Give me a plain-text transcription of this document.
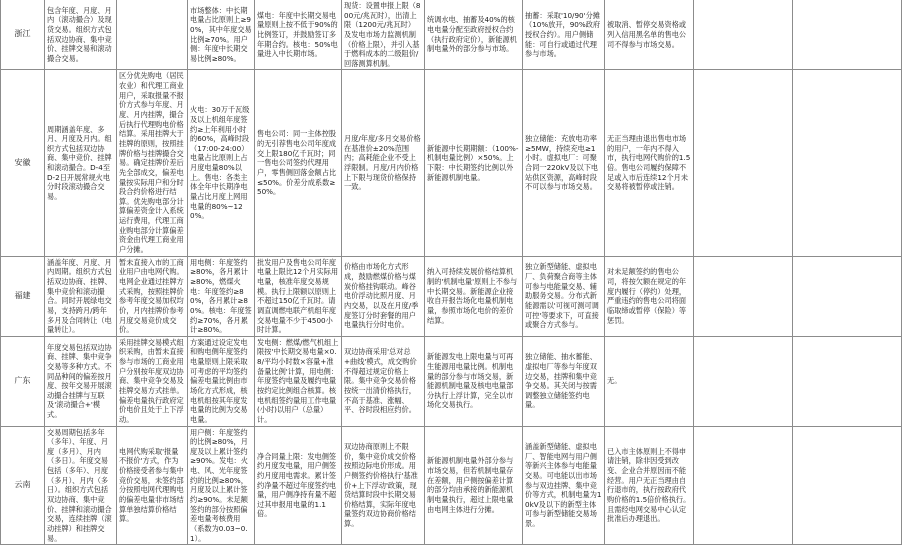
浙江	包含年度、月度、月内（滚动撮合）及现货交易。组织方式包括双边协商、集中竞价、挂牌交易和滚动撮合交易。		市场整体：中长期电量占比原则上≥90%，其中年度交易比例≥70%。用户侧：年度中长期交易比例≥80%。	煤电：年度中长期交易电量原则上按不低于90%的比例签订，并鼓励签订多年期合约。核电：50%电量进入中长期市场。	现货：设置申报上限（800元/兆瓦时），出清上限（1200元/兆瓦时）及发电市场力监测机制（价格上限），并引入基于燃料成本的二级阻价/回落测算机制。	统调水电、抽蓄及40%的核电电量分配至政府授权合约（执行政府定价），新能源机制电量外的部分参与市场。	抽蓄：采取'10/90'分摊（10%放开，90%政府授权合约）。用户侧储能：可自行或通过代理参与市场。	被取消、暂停交易资格或列入信用黑名单的售电公司不得参与市场交易。		
安徽	周期涵盖年度、多月、月度及月内。组织方式包括双边协商、集中竞价、挂牌和滚动撮合。D-4至D-2日开展常规火电分时段滚动撮合交易。	区分优先购电（居民农业）和代理工商业用户，采取报量不报价方式参与年度、月度、月内挂牌，撮合后执行代理购电价格结算。采用挂牌大于挂牌的原则，按照挂牌价格与挂牌撮合交易。确定挂牌价差后先全部成交，偏差电量按实际用户和分时段合约价格进行结算。优先购电部分计算偏差资金计入系统运行费用，代理工商业购电部分计算偏差资金由代理工商业用户分摊。	火电：30万千瓦级及以上机组年度签约≥上年利用小时的60%，高峰时段（17:00-24:00）电量占比原则上占月度电量80%以上。售电：各类主体全年中长期净电量占比月度上网用电量的80%~120%。	售电公司：同一主体控股的无引荐售电公司年度成交上限180亿千瓦时；同一售电公司签约代理用户，零售侧回落金额占比≤50%。价差分成系数≥50%。	月度/年度/多月交易价格在基准价±20%范围内；高耗能企业不受上浮限制。月度/月内价格上下限与现货价格保持一致。	新能源中长期期额：（100%-机制电量比例）×50%。上下限：中长期签约比例以外新能源机制电量。	独立储能：充放电功率≥5MW，持续充电≥1小时。虚拟电厂：可聚合同一220kV及以下电站供区资源，高峰时段不可以参与市场交易。	无正当理由退出售电市场的用户，一年内不得入市，执行电网代购价的1.5倍。售电公司履约保障不足或入市后连续12个月未交易将被暂停或注销。		
福建	涵盖年度、月度、月内周期。组织方式包括双边协商、挂牌、集中竞价和滚动撮合。同时开展绿电交易，支持跨月/跨年多月及合同转让（电量转让）。	暂未直接入市的工商业用户由电网代购。电网企业通过挂牌方式采购，按照挂牌价参考年度交易加权均价，月内挂牌价参考月度交易竞价成交价。	用电侧：年度签约≥80%，各月累计≥80%，燃煤火电：年度签约≥80%，各月累计≥80%。核电：年度签约≥70%，各月累计≥80%。	批发用户及售电公司年度电量上限比12个月实际用电量，核准年度交易规模。执行上限额以原则上不超过150亿千瓦时。请调直调燃电联产机组年度交易电量不少于4500小时计算。	价格由市场化方式形成，鼓励燃煤价格与煤炭价格挂钩联动。峰谷电价浮动比照月度、月内交易，以及在月度/季度签订分时套餐的用户电量执行分时电价。	纳入可持续发展价格结算机制的'机制电量'原则上不参与中长期交易。新能源企业接收自开报告场化电量机制电量，参照市场化电价的差价结算。	独立新型储能、虚拟电厂、负荷聚合商等主体可参与电能量交易、辅助服务交易。分布式新能源需以'可视可测可调可控'等要求下，可直接或聚合方式参与。	对未足额签约的售电公司，将按欠额在规定的年度内履行（停约）处理，严重违约的售电公司将面临取缔或暂停（保险）等惩罚。		
广东	年度交易包括双边协商、挂牌、集中竞争交易等多种方式。不同品种间的偏差按月度、按年交易开展滚动撮合挂牌与互联及'滚动撮合+'模式。	采用挂牌交易模式组织采购，由暂未直接参与市场的工商业用户分别按年度双边协商、集中竞争交易及挂牌交易方式挂单。偏差电量执行政府定价电价且处于上下浮动。	方案通过设定发电和购电侧年度签约电量原则上限采取可考虑的平均签约偏差电量比例由市场化方式形成，核电机组按其年度发电量的比例为交易电量。	发电侧：燃煤/燃气机组上限按'中长期交易电量×0.8/平均小时数×容量+准备量比例'计算，用电侧：年度签约电量及履约电量按约定比例组合核算。核电机组签约量用工作电量(小时)以用户（总量）计。	双边协商采用'总对总+曲线'模式，成交购价不得超过规定价格上限。集中竞争交易价格按统一出清价格执行，不高于基准、涨幅、平、谷时段相应约价。	新能源发电上限电量与可再生能源用电量比例。机制电量的部分参与市场交易，新能源机制电量及核电电量部分执行上浮计算，完全以市场化交易执行。	独立储能、抽水蓄能、虚拟电厂等参与年度双边交易，挂牌和集中竞争交易。其关闭与按需调整独立储能签约电量。	无。		
云南	交易周期包括多年（多年）、年度、月度（多月）、月内（多日）。年度交易包括（多年）、月度（多月）、月内（多日）。组织方式包括双边协商、集中竞价、挂牌和滚动撮合交易，连续挂牌（滚动挂牌）和挂牌交易。	电网代购采取'报量不报价'方式，作为价格接受者参与集中竞价交易，未签约部分按照电网代理购电的偏差电量非市场结算单独结算价格结算。	用户侧：年度签约的比例≥80%，月度及以上累计签约≥90%。发电：火电、风、光年度签约的比例≥80%，月度及以上累计签约≥90%。未足额签约的部分按照偏差电量考核费用（系数为0.03~0.1）。	净合同量上限：发电侧签约月度发电量，用户侧签约月度用电需求。累计签约净量不超过年度签约电量，用户侧净持有量不超过其申报用电量的1.1倍。	双边协商原则上不限价，集中竞价成交价格按照边际电价形成。用户侧签约价格执行'基准价+上下浮动'政策，现货结算时段中长期交易价格结算，实际年度电量签约双边协商价格结算。	新能源机制电量外部分参与市场交易，但若机制电量存在差额，用户侧按偏差计算的部分均由承接的新能源机制电量执行，超过上限电量由电网主体进行分摊。	涵盖新型储能、虚拟电厂、智能电网与用户侧等新兴主体参与电能量交易。可电能以出市场参与双边挂牌、集中竞价等方式，机制电量为10kV及以下的新型主体可参与新型储能交易场景。	已入市主体原则上不得申请注销，除非因受到改变、企业合并原因而不能经营。用户无正当理由自行退市的，执行按政府代购价格的1.5倍价格执行。且需经电网交易中心认定批准后办理退出。		
